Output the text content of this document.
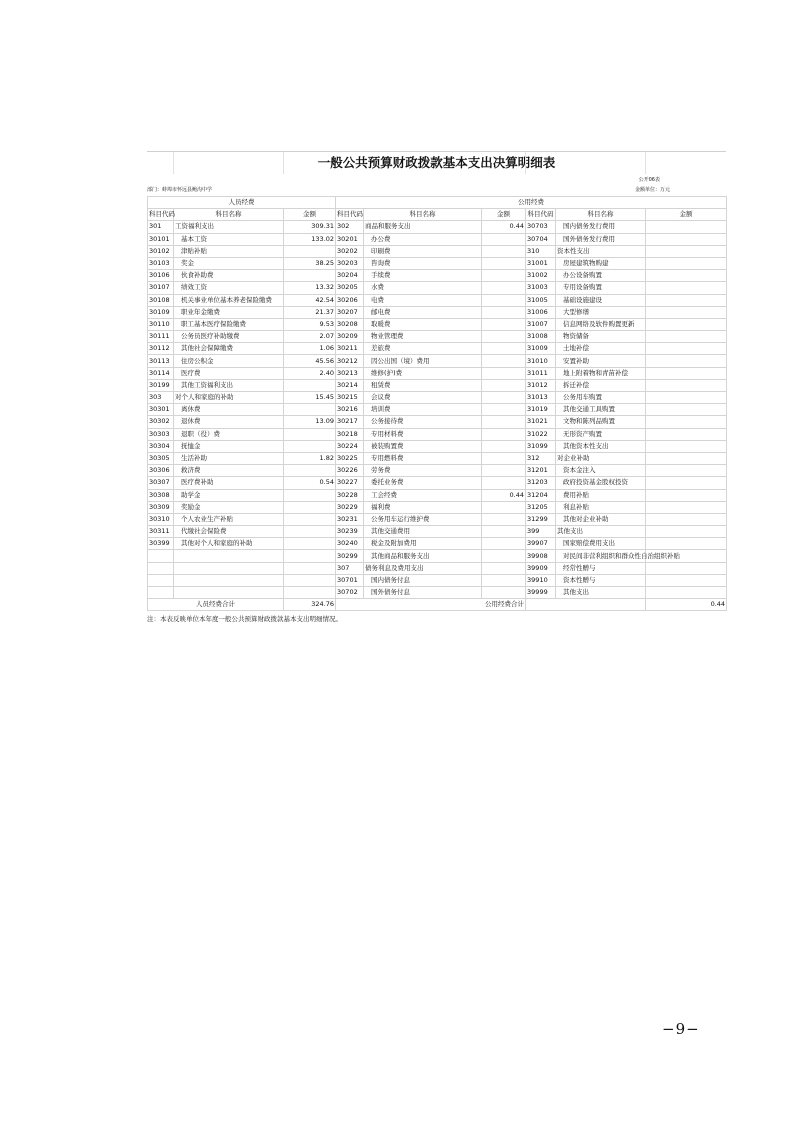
一般公共预算财政拨款基本支出决算明细表
公开06表
部门：蚌埠市怀远县鲍沟中学	金额单位：万元
人员经费			公用经费					
科目代码	科目名称	金额	科目代码	科目名称	金额	科目代码	科目名称	金额
301	工资福利支出	309.31	302	商品和服务支出	0.44	30703	国内债务发行费用	
30101	基本工资	133.02	30201	办公费		30704	国外债务发行费用	
30102	津贴补贴		30202	印刷费		310	资本性支出	
30103	奖金	38.25	30203	咨询费		31001	房屋建筑物购建	
30106	伙食补助费		30204	手续费		31002	办公设备购置	
30107	绩效工资	13.32	30205	水费		31003	专用设备购置	
30108	机关事业单位基本养老保险缴费	42.54	30206	电费		31005	基础设施建设	
30109	职业年金缴费	21.37	30207	邮电费		31006	大型修缮	
30110	职工基本医疗保险缴费	9.53	30208	取暖费		31007	信息网络及软件购置更新	
30111	公务员医疗补助缴费	2.07	30209	物业管理费		31008	物资储备	
30112	其他社会保障缴费	1.06	30211	差旅费		31009	土地补偿	
30113	住房公积金	45.56	30212	因公出国（境）费用		31010	安置补助	
30114	医疗费	2.40	30213	维修(护)费		31011	地上附着物和青苗补偿	
30199	其他工资福利支出		30214	租赁费		31012	拆迁补偿	
303	对个人和家庭的补助	15.45	30215	会议费		31013	公务用车购置	
30301	离休费		30216	培训费		31019	其他交通工具购置	
30302	退休费	13.09	30217	公务接待费		31021	文物和陈列品购置	
30303	退职（役）费		30218	专用材料费		31022	无形资产购置	
30304	抚恤金		30224	被装购置费		31099	其他资本性支出	
30305	生活补助	1.82	30225	专用燃料费		312	对企业补助	
30306	救济费		30226	劳务费		31201	资本金注入	
30307	医疗费补助	0.54	30227	委托业务费		31203	政府投资基金股权投资	
30308	助学金		30228	工会经费	0.44	31204	费用补贴	
30309	奖励金		30229	福利费		31205	利息补贴	
30310	个人农业生产补贴		30231	公务用车运行维护费		31299	其他对企业补助	
30311	代缴社会保险费		30239	其他交通费用		399	其他支出	
30399	其他对个人和家庭的补助		30240	税金及附加费用		39907	国家赔偿费用支出	
			30299	其他商品和服务支出		39908	对民间非营利组织和群众性自治组织补贴	
			307	债务利息及费用支出		39909	经常性赠与	
			30701	国内债务付息		39910	资本性赠与	
			30702	国外债务付息		39999	其他支出	
人员经费合计		324.76	公用经费合计					0.44
注：本表反映单位本年度一般公共预算财政拨款基本支出明细情况。
−9−
